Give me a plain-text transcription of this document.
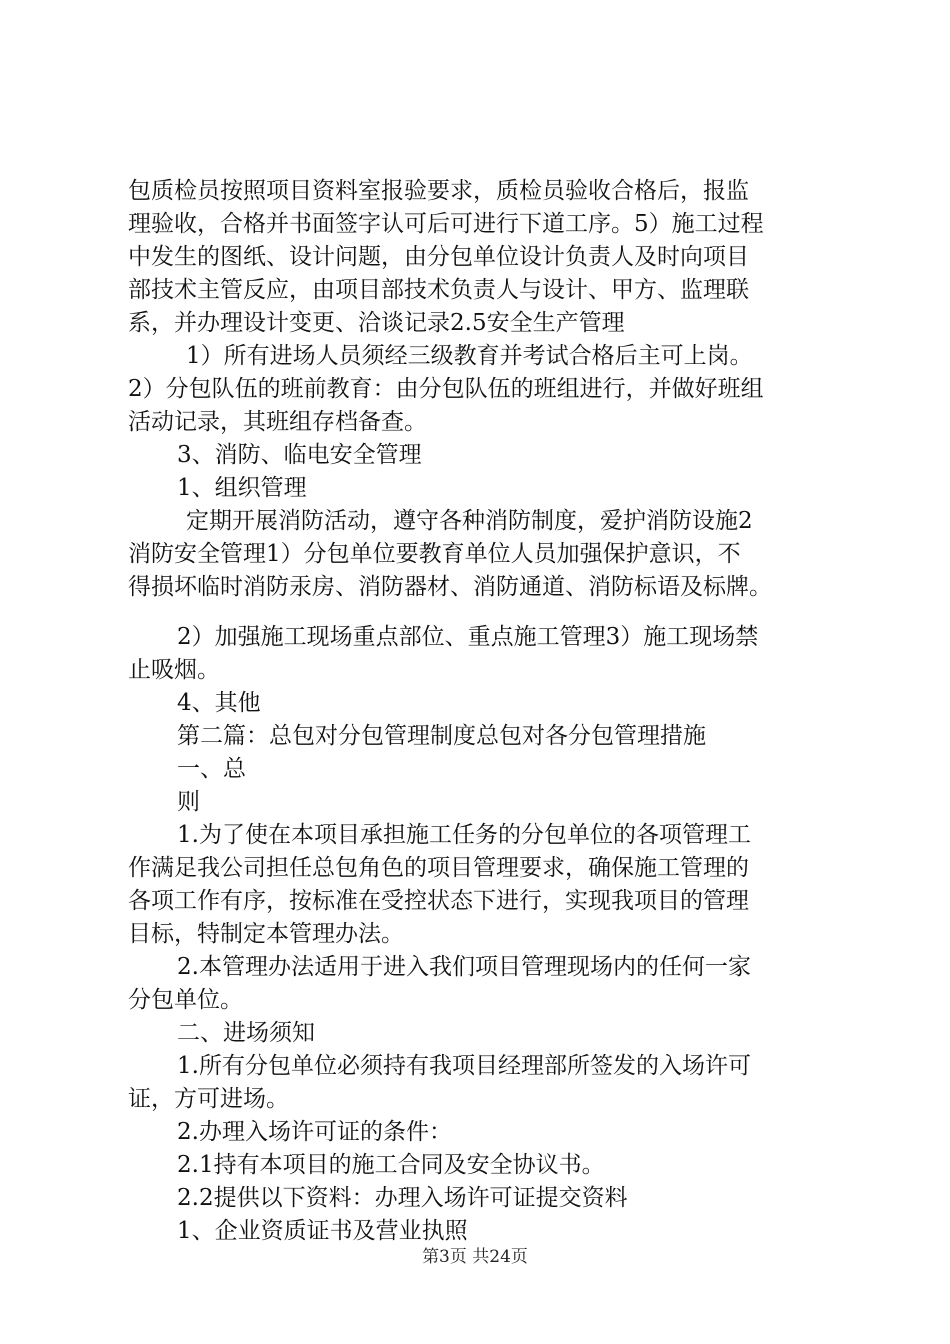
包质检员按照项目资料室报验要求，质检员验收合格后，报监
理验收，合格并书面签字认可后可进行下道工序。5）施工过程
中发生的图纸、设计问题，由分包单位设计负责人及时向项目
部技术主管反应，由项目部技术负责人与设计、甲方、监理联
系，并办理设计变更、洽谈记录2.5安全生产管理
1）所有进场人员须经三级教育并考试合格后主可上岗。
2）分包队伍的班前教育：由分包队伍的班组进行，并做好班组
活动记录，其班组存档备查。
3、消防、临电安全管理
1、组织管理
定期开展消防活动，遵守各种消防制度，爱护消防设施2
消防安全管理1）分包单位要教育单位人员加强保护意识，不
得损坏临时消防汞房、消防器材、消防通道、消防标语及标牌。
2）加强施工现场重点部位、重点施工管理3）施工现场禁
止吸烟。
4、其他
第二篇：总包对分包管理制度总包对各分包管理措施
一、总
则
1.为了使在本项目承担施工任务的分包单位的各项管理工
作满足我公司担任总包角色的项目管理要求，确保施工管理的
各项工作有序，按标准在受控状态下进行，实现我项目的管理
目标，特制定本管理办法。
2.本管理办法适用于进入我们项目管理现场内的任何一家
分包单位。
二、进场须知
1.所有分包单位必须持有我项目经理部所签发的入场许可
证，方可进场。
2.办理入场许可证的条件：
2.1持有本项目的施工合同及安全协议书。
2.2提供以下资料：办理入场许可证提交资料
1、企业资质证书及营业执照
第3页 共24页
